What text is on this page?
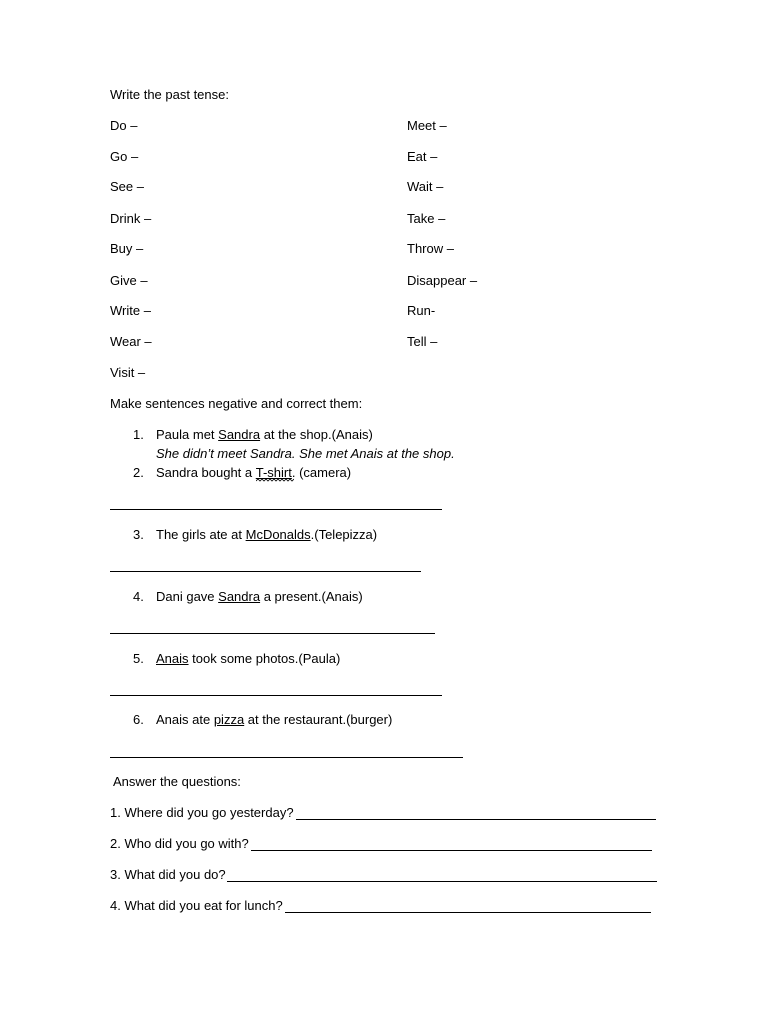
Write the past tense:
Do –
Go –
See –
Drink –
Buy –
Give –
Write –
Wear –
Visit –
Meet –
Eat –
Wait –
Take –
Throw –
Disappear –
Run-
Tell –
Make sentences negative and correct them:
1. Paula met Sandra at the shop.(Anais)
She didn’t meet Sandra. She met Anais at the shop.
2. Sandra bought a T-shirt
. (camera)
3. The girls ate at McDonalds.(Telepizza)
4. Dani gave Sandra a present.(Anais)
5. Anais took some photos.(Paula)
6. Anais ate pizza at the restaurant.(burger)
Answer the questions:
1. Where did you go yesterday?
2. Who did you go with?
3. What did you do?
4. What did you eat for lunch?
